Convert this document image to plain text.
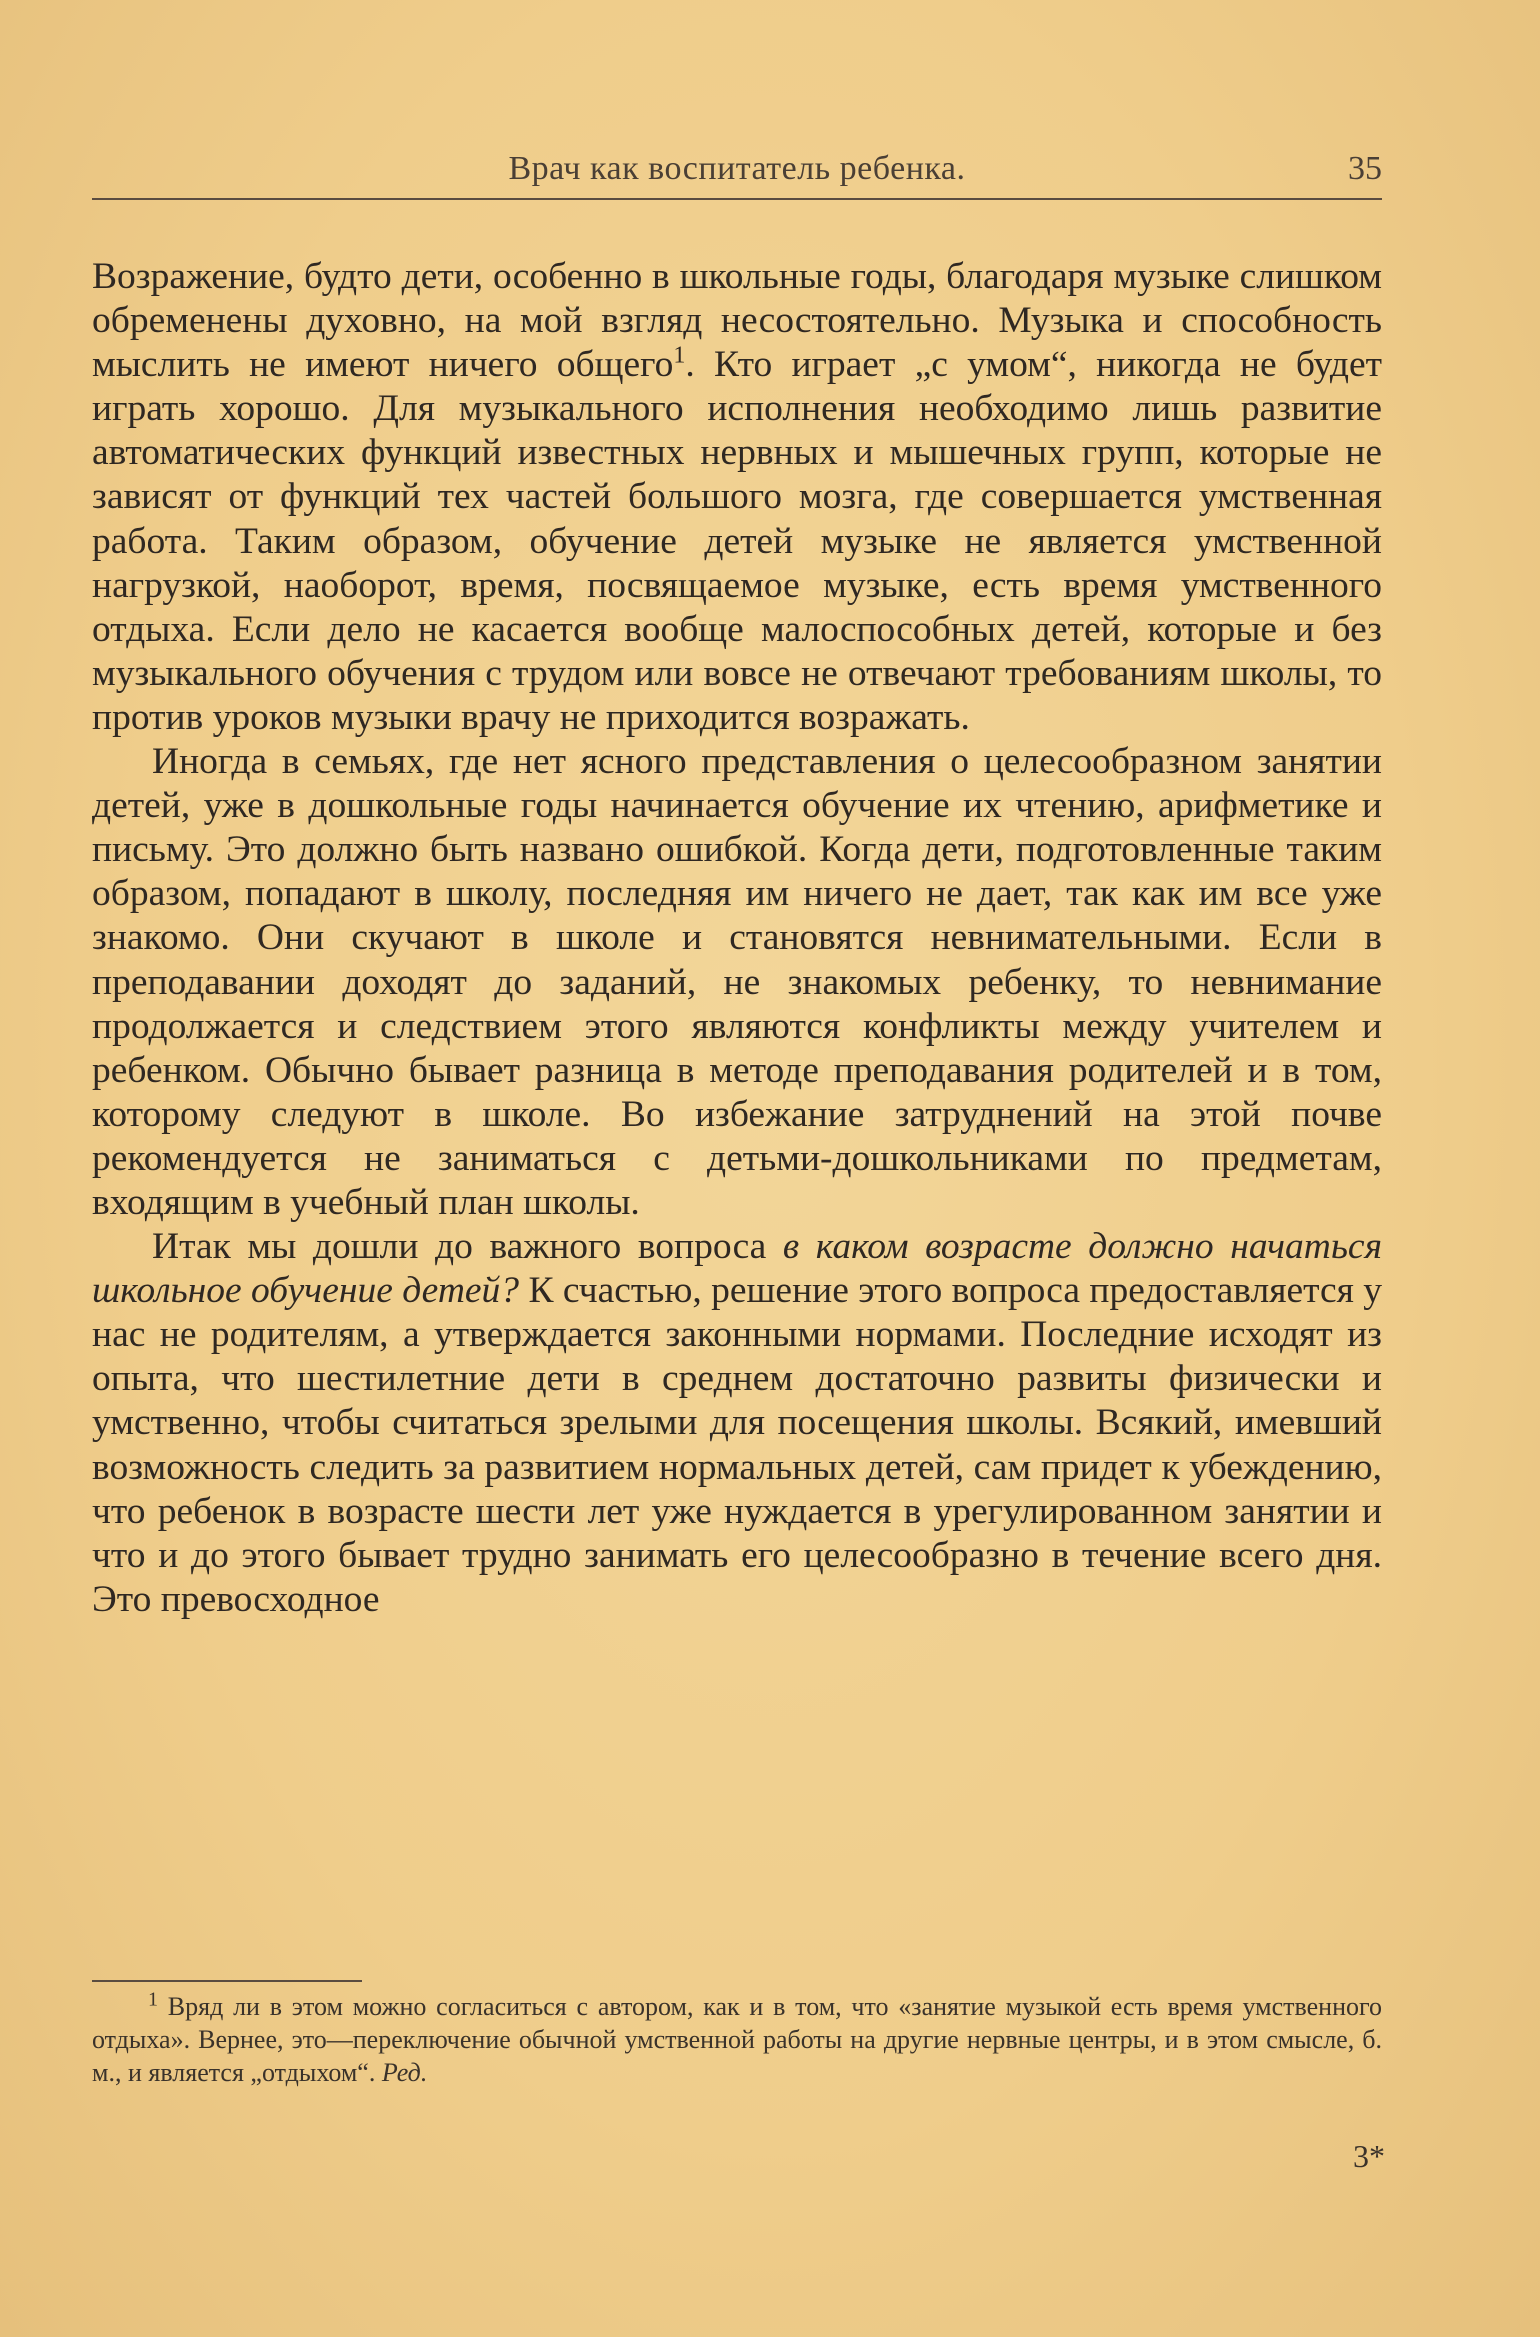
Врач как воспитатель ребенка.	35

Возражение, будто дети, особенно в школьные годы, благодаря музыке слишком обременены духовно, на мой взгляд несостоятельно. Музыка и способность мыслить не имеют ничего общего$^1$. Кто играет „с умом“, никогда не будет играть хорошо. Для музыкального исполнения необходимо лишь развитие автоматических функций известных нервных и мышечных групп, которые не зависят от функций тех частей большого мозга, где совершается умственная работа. Таким образом, обучение детей музыке не является умственной нагрузкой, наоборот, время, посвящаемое музыке, есть время умственного отдыха. Если дело не касается вообще малоспособных детей, которые и без музыкального обучения с трудом или вовсе не отвечают требованиям школы, то против уроков музыки врачу не приходится возражать.

Иногда в семьях, где нет ясного представления о целесообразном занятии детей, уже в дошкольные годы начинается обучение их чтению, арифметике и письму. Это должно быть названо ошибкой. Когда дети, подготовленные таким образом, попадают в школу, последняя им ничего не дает, так как им все уже знакомо. Они скучают в школе и становятся невнимательными. Если в преподавании доходят до заданий, не знакомых ребенку, то невнимание продолжается и следствием этого являются конфликты между учителем и ребенком. Обычно бывает разница в методе преподавания родителей и в том, которому следуют в школе. Во избежание затруднений на этой почве рекомендуется не заниматься с детьми-дошкольниками по предметам, входящим в учебный план школы.

Итак мы дошли до важного вопроса в каком возрасте должно начаться школьное обучение детей? К счастью, решение этого вопроса предоставляется у нас не родителям, а утверждается законными нормами. Последние исходят из опыта, что шестилетние дети в среднем достаточно развиты физически и умственно, чтобы считаться зрелыми для посещения школы. Всякий, имевший возможность следить за развитием нормальных детей, сам придет к убеждению, что ребенок в возрасте шести лет уже нуждается в урегулированном занятии и что и до этого бывает трудно занимать его целесообразно в течение всего дня. Это превосходное

$^1$ Вряд ли в этом можно согласиться с автором, как и в том, что «занятие музыкой есть время умственного отдыха». Вернее, это—переключение обычной умственной работы на другие нервные центры, и в этом смысле, б. м., и является „отдыхом“. Ред.

3*
